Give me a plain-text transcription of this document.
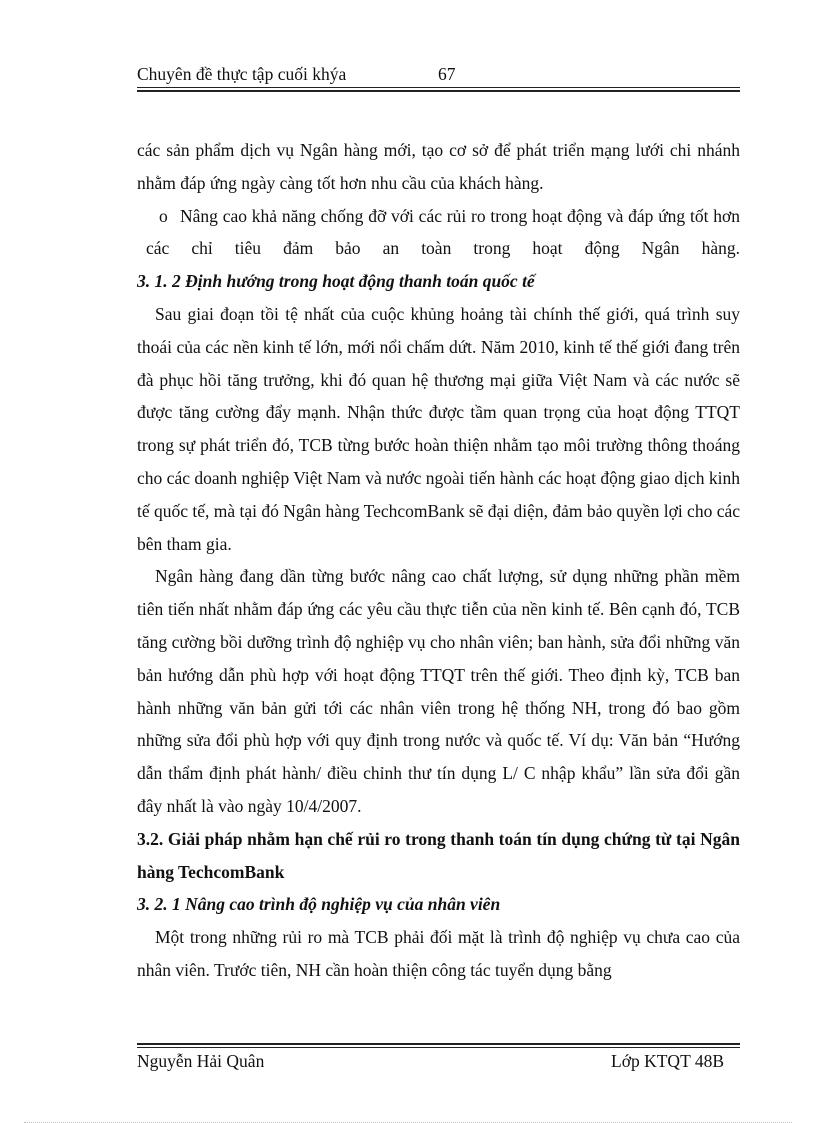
Chuyên đề thực tập cuối khýa	67

các sản phẩm dịch vụ Ngân hàng mới, tạo cơ sở để phát triển mạng lưới chi nhánh nhằm đáp ứng ngày càng tốt hơn nhu cầu của khách hàng.

o Nâng cao khả năng chống đỡ với các rủi ro trong hoạt động và đáp ứng tốt hơn các chỉ tiêu đảm bảo an toàn trong hoạt động Ngân hàng.

3. 1. 2 Định hướng trong hoạt động thanh toán quốc tế

Sau giai đoạn tồi tệ nhất của cuộc khủng hoảng tài chính thế giới, quá trình suy thoái của các nền kinh tế lớn, mới nổi chấm dứt. Năm 2010, kinh tế thế giới đang trên đà phục hồi tăng trưởng, khi đó quan hệ thương mại giữa Việt Nam và các nước sẽ được tăng cường đẩy mạnh. Nhận thức được tầm quan trọng của hoạt động TTQT trong sự phát triển đó, TCB từng bước hoàn thiện nhằm tạo môi trường thông thoáng cho các doanh nghiệp Việt Nam và nước ngoài tiến hành các hoạt động giao dịch kinh tế quốc tế, mà tại đó Ngân hàng TechcomBank sẽ đại diện, đảm bảo quyền lợi cho các bên tham gia.

Ngân hàng đang dần từng bước nâng cao chất lượng, sử dụng những phần mềm tiên tiến nhất nhằm đáp ứng các yêu cầu thực tiễn của nền kinh tế. Bên cạnh đó, TCB tăng cường bồi dưỡng trình độ nghiệp vụ cho nhân viên; ban hành, sửa đổi những văn bản hướng dẫn phù hợp với hoạt động TTQT trên thế giới. Theo định kỳ, TCB ban hành những văn bản gửi tới các nhân viên trong hệ thống NH, trong đó bao gồm những sửa đổi phù hợp với quy định trong nước và quốc tế. Ví dụ: Văn bản “Hướng dẫn thẩm định phát hành/ điều chỉnh thư tín dụng L/ C nhập khẩu” lần sửa đổi gần đây nhất là vào ngày 10/4/2007.

3.2. Giải pháp nhằm hạn chế rủi ro trong thanh toán tín dụng chứng từ tại Ngân hàng TechcomBank

3. 2. 1 Nâng cao trình độ nghiệp vụ của nhân viên

Một trong những rủi ro mà TCB phải đối mặt là trình độ nghiệp vụ chưa cao của nhân viên. Trước tiên, NH cần hoàn thiện công tác tuyển dụng bằng

Nguyễn Hải Quân	Lớp KTQT 48B
